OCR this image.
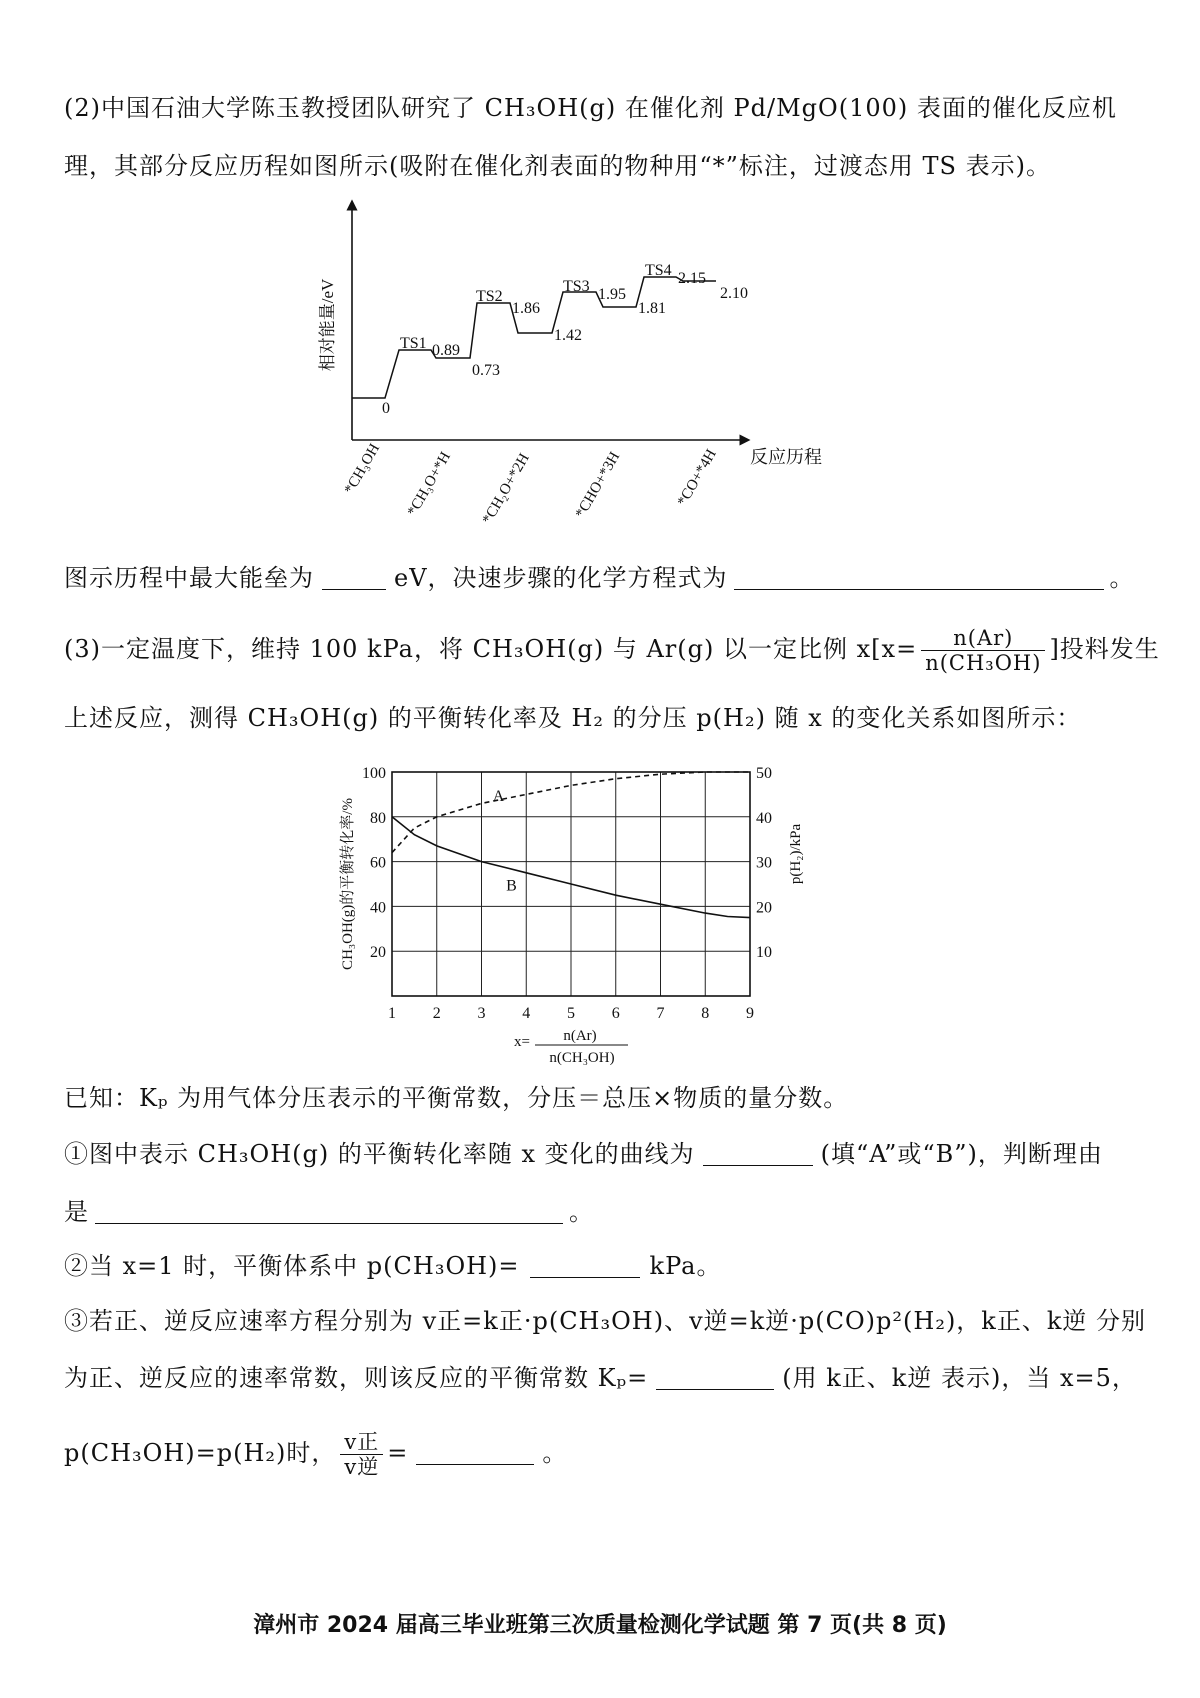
(2)中国石油大学陈玉教授团队研究了 CH₃OH(g) 在催化剂 Pd/MgO(100) 表面的催化反应机
理，其部分反应历程如图所示(吸附在催化剂表面的物种用“*”标注，过渡态用 TS 表示)。
相对能量/eV
反应历程
TS1
TS2
TS3
TS4
0
0.89
0.73
1.86
1.42
1.95
1.81
2.15
2.10
*CH₃OH *CH₃O+*H *CH₂O+*2H	*CHO+*3H	*CO+*4H
图示历程中最大能垒为	eV，决速步骤的化学方程式为	。
(3)一定温度下，维持 100 kPa，将 CH₃OH(g) 与 Ar(g) 以一定比例 $x[x= \frac{n(Ar)}{\text{n(CH₃OH)}}$ ]投料发生
上述反应，测得 CH₃OH(g) 的平衡转化率及 H₂ 的分压 p(H₂) 随 x 的变化关系如图所示：
1 2 3 4 5 6 7 8 9
20
40
60
80
100
10
20
30
40
50
CH₃OH(g)的平衡转化率/%	p(H₂)/kPa
x= n(Ar)
n(CH₃OH)
A
B
已知：Kₚ 为用气体分压表示的平衡常数，分压＝总压×物质的量分数。
①图中表示 CH₃OH(g) 的平衡转化率随 x 变化的曲线为	(填“A”或“B”)，判断理由
是	。
②当 x=1 时，平衡体系中 p(CH₃OH)=	kPa。
③若正、逆反应速率方程分别为 v正=k正·p(CH₃OH)、v逆=k逆·p(CO)p²(H₂)，k正、k逆 分别
为正、逆反应的速率常数，则该反应的平衡常数 Kₚ=	(用 k正、k逆 表示)，当 x=5，
p(CH₃OH)=p(H₂)时， $\frac{\text{v正}}{\text{v逆}}$ =	。
漳州市 2024 届高三毕业班第三次质量检测化学试题 第 7 页(共 8 页)
